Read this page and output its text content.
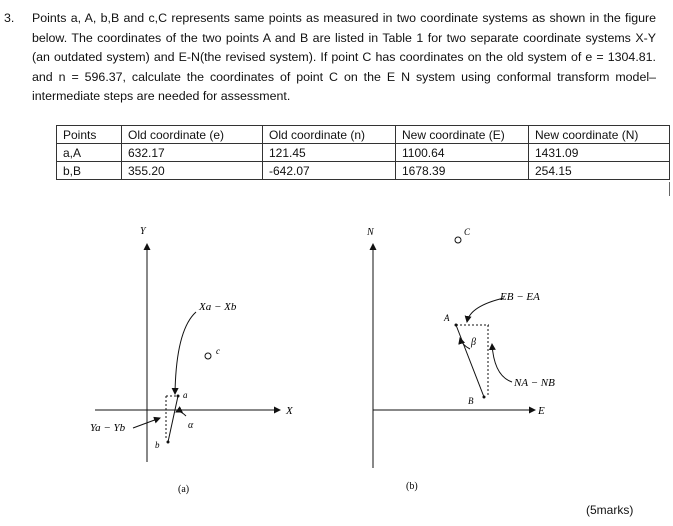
3. Points a, A, b,B and c,C represents same points as measured in two coordinate systems as shown in the figure below. The coordinates of the two points A and B are listed in Table 1 for two separate coordinate systems X-Y (an outdated system) and E-N(the revised system). If point C has coordinates on the old system of e = 1304.81. and n = 596.37, calculate the coordinates of point C on the E N system using conformal transform model– intermediate steps are needed for assessment.
Points	Old coordinate (e)	Old coordinate (n)	New coordinate (E)	New coordinate (N)
a,A	632.17	121.45	1100.64	1431.09
b,B	355.20	-642.07	1678.39	254.15
Y
X
Xa − Xb
Ya − Yb	α
a
b
c
(a)
N
E
EB − EA
NA − NB
β
A
B
C
(b)
(5marks)
